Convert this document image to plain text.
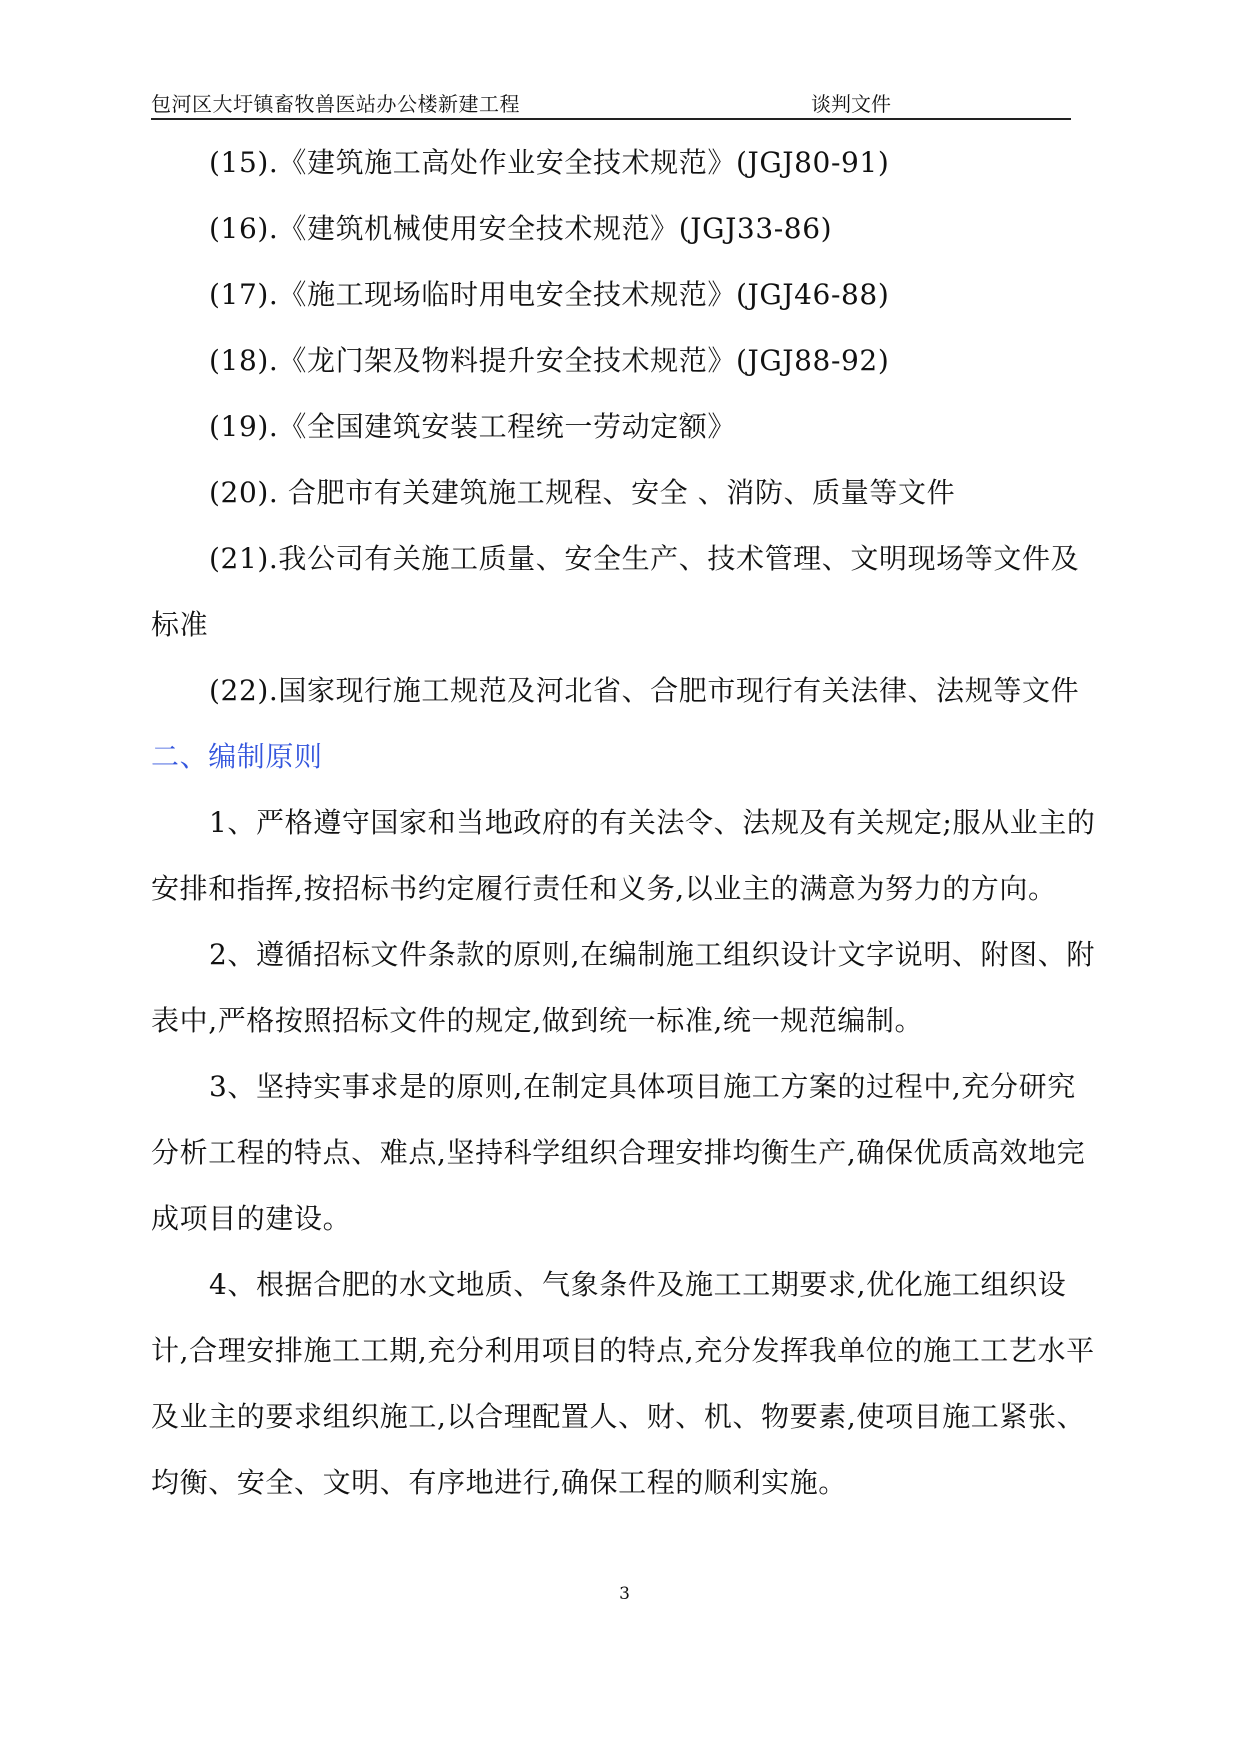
包河区大圩镇畜牧兽医站办公楼新建工程	谈判文件

(15).《建筑施工高处作业安全技术规范》(JGJ80-91)

(16).《建筑机械使用安全技术规范》(JGJ33-86)

(17).《施工现场临时用电安全技术规范》(JGJ46-88)

(18).《龙门架及物料提升安全技术规范》(JGJ88-92)

(19).《全国建筑安装工程统一劳动定额》

(20). 合肥市有关建筑施工规程、安全 、消防、质量等文件

(21).我公司有关施工质量、安全生产、技术管理、文明现场等文件及标准

(22).国家现行施工规范及河北省、合肥市现行有关法律、法规等文件

二、编制原则

1、严格遵守国家和当地政府的有关法令、法规及有关规定;服从业主的安排和指挥,按招标书约定履行责任和义务,以业主的满意为努力的方向。

2、遵循招标文件条款的原则,在编制施工组织设计文字说明、附图、附表中,严格按照招标文件的规定,做到统一标准,统一规范编制。

3、坚持实事求是的原则,在制定具体项目施工方案的过程中,充分研究分析工程的特点、难点,坚持科学组织合理安排均衡生产,确保优质高效地完成项目的建设。

4、根据合肥的水文地质、气象条件及施工工期要求,优化施工组织设计,合理安排施工工期,充分利用项目的特点,充分发挥我单位的施工工艺水平及业主的要求组织施工,以合理配置人、财、机、物要素,使项目施工紧张、均衡、安全、文明、有序地进行,确保工程的顺利实施。

3
